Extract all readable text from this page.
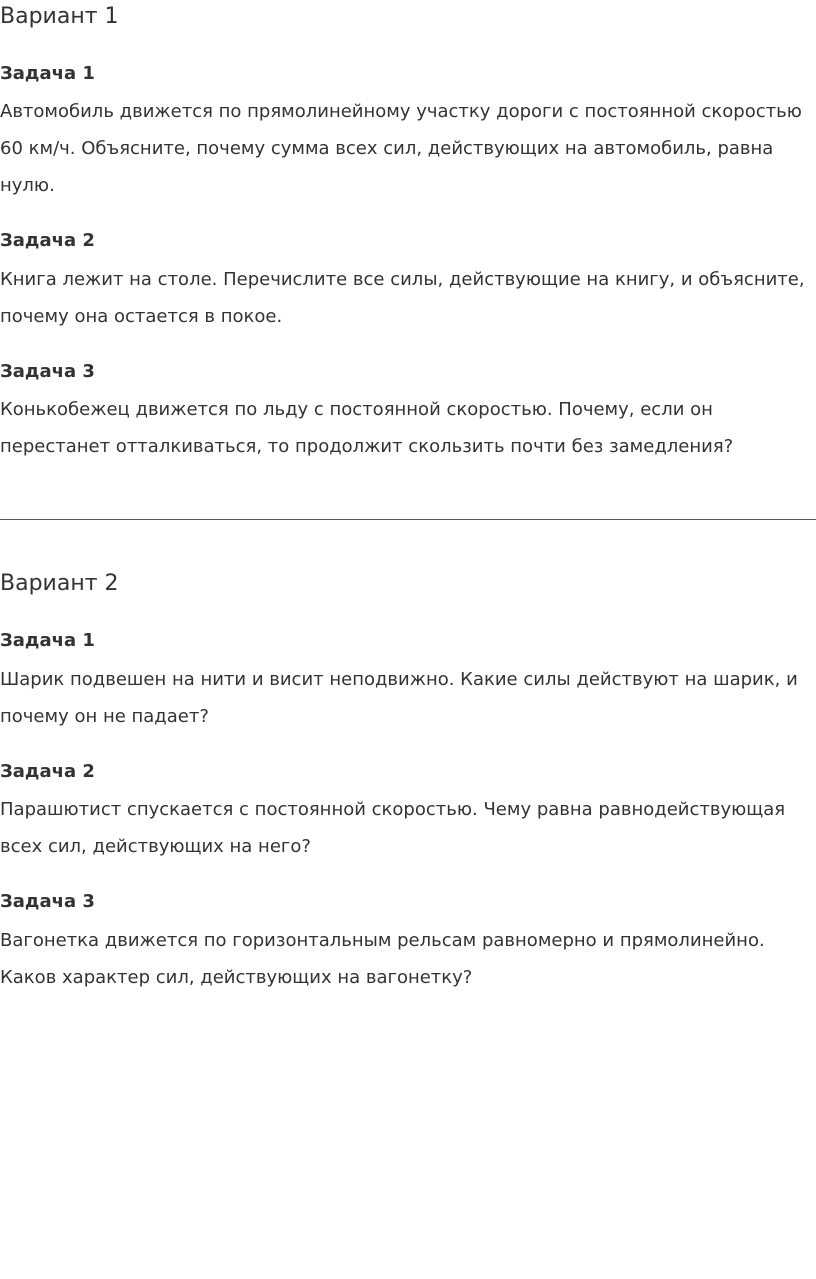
Вариант 1
Задача 1
Автомобиль движется по прямолинейному участку дороги с постоянной скоростью
60 км/ч. Объясните, почему сумма всех сил, действующих на автомобиль, равна
нулю.
Задача 2
Книга лежит на столе. Перечислите все силы, действующие на книгу, и объясните,
почему она остается в покое.
Задача 3
Конькобежец движется по льду с постоянной скоростью. Почему, если он
перестанет отталкиваться, то продолжит скользить почти без замедления?
Вариант 2
Задача 1
Шарик подвешен на нити и висит неподвижно. Какие силы действуют на шарик, и
почему он не падает?
Задача 2
Парашютист спускается с постоянной скоростью. Чему равна равнодействующая
всех сил, действующих на него?
Задача 3
Вагонетка движется по горизонтальным рельсам равномерно и прямолинейно.
Каков характер сил, действующих на вагонетку?
